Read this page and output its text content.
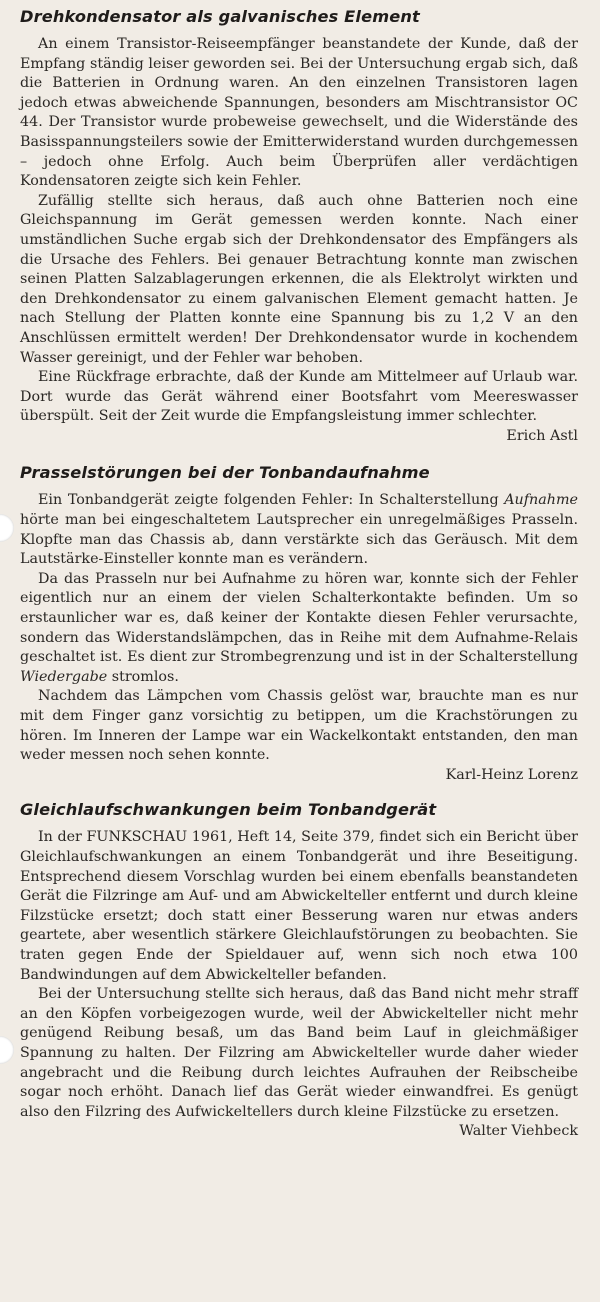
Drehkondensator als galvanisches Element

An einem Transistor-Reiseempfänger beanstandete der Kunde, daß der Empfang ständig leiser geworden sei. Bei der Untersuchung ergab sich, daß die Batterien in Ordnung waren. An den einzelnen Transistoren lagen jedoch etwas abweichende Spannungen, besonders am Mischtransistor OC 44. Der Transistor wurde probeweise gewechselt, und die Widerstände des Basisspannungsteilers sowie der Emitterwiderstand wurden durchgemessen – jedoch ohne Erfolg. Auch beim Überprüfen aller verdächtigen Kondensatoren zeigte sich kein Fehler.

Zufällig stellte sich heraus, daß auch ohne Batterien noch eine Gleichspannung im Gerät gemessen werden konnte. Nach einer umständlichen Suche ergab sich der Drehkondensator des Empfängers als die Ursache des Fehlers. Bei genauer Betrachtung konnte man zwischen seinen Platten Salzablagerungen erkennen, die als Elektrolyt wirkten und den Drehkondensator zu einem galvanischen Element gemacht hatten. Je nach Stellung der Platten konnte eine Spannung bis zu 1,2 V an den Anschlüssen ermittelt werden! Der Drehkondensator wurde in kochendem Wasser gereinigt, und der Fehler war behoben.

Eine Rückfrage erbrachte, daß der Kunde am Mittelmeer auf Urlaub war. Dort wurde das Gerät während einer Bootsfahrt vom Meereswasser überspült. Seit der Zeit wurde die Empfangsleistung immer schlechter.
Erich Astl

Prasselstörungen bei der Tonbandaufnahme

Ein Tonbandgerät zeigte folgenden Fehler: In Schalterstellung Aufnahme hörte man bei eingeschaltetem Lautsprecher ein unregelmäßiges Prasseln. Klopfte man das Chassis ab, dann verstärkte sich das Geräusch. Mit dem Lautstärke-Einsteller konnte man es verändern.

Da das Prasseln nur bei Aufnahme zu hören war, konnte sich der Fehler eigentlich nur an einem der vielen Schalterkontakte befinden. Um so erstaunlicher war es, daß keiner der Kontakte diesen Fehler verursachte, sondern das Widerstandslämpchen, das in Reihe mit dem Aufnahme-Relais geschaltet ist. Es dient zur Strombegrenzung und ist in der Schalterstellung Wiedergabe stromlos.

Nachdem das Lämpchen vom Chassis gelöst war, brauchte man es nur mit dem Finger ganz vorsichtig zu betippen, um die Krachstörungen zu hören. Im Inneren der Lampe war ein Wackelkontakt entstanden, den man weder messen noch sehen konnte.

Karl-Heinz Lorenz

Gleichlaufschwankungen beim Tonbandgerät

In der FUNKSCHAU 1961, Heft 14, Seite 379, findet sich ein Bericht über Gleichlaufschwankungen an einem Tonbandgerät und ihre Beseitigung. Entsprechend diesem Vorschlag wurden bei einem ebenfalls beanstandeten Gerät die Filzringe am Auf- und am Abwickelteller entfernt und durch kleine Filzstücke ersetzt; doch statt einer Besserung waren nur etwas anders geartete, aber wesentlich stärkere Gleichlaufstörungen zu beobachten. Sie traten gegen Ende der Spieldauer auf, wenn sich noch etwa 100 Bandwindungen auf dem Abwickelteller befanden.

Bei der Untersuchung stellte sich heraus, daß das Band nicht mehr straff an den Köpfen vorbeigezogen wurde, weil der Abwickelteller nicht mehr genügend Reibung besaß, um das Band beim Lauf in gleichmäßiger Spannung zu halten. Der Filzring am Abwickelteller wurde daher wieder angebracht und die Reibung durch leichtes Aufrauhen der Reibscheibe sogar noch erhöht. Danach lief das Gerät wieder einwandfrei. Es genügt also den Filzring des Aufwickeltellers durch kleine Filzstücke zu ersetzen.

Walter Viehbeck
